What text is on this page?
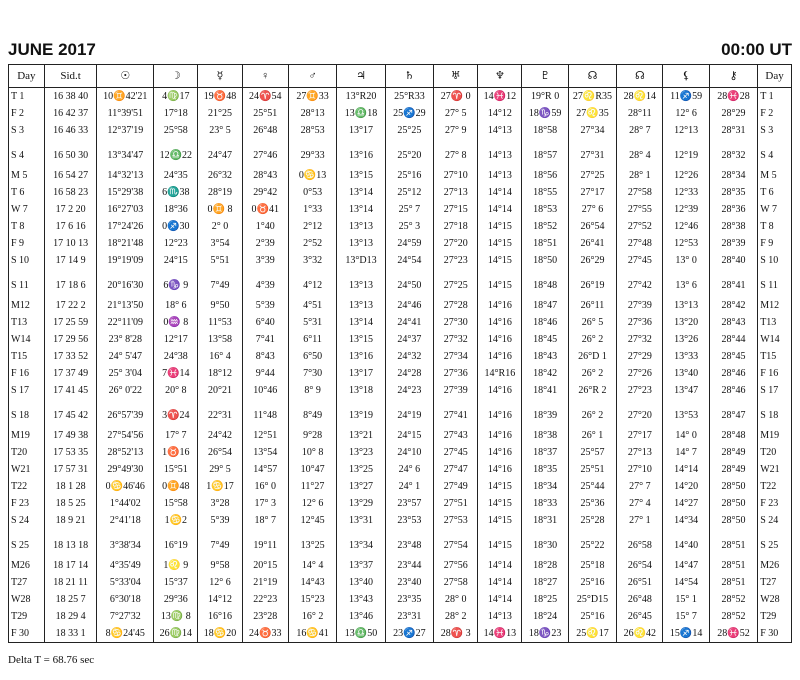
JUNE 2017	00:00 UT
Day	Sid.t	☉	☽	☿	♀	♂	♃	♄	♅	♆	♇	☊	☊	⚸	⚷	Day
T 1	16 38 40	10♊42'21	4♍17	19♉48	24♈54	27♊33	13°R20	25°R33	27♈ 0	14♓12	19°R 0	27♌R35	28♌14	11♐59	28♓28	T 1
F 2	16 42 37	11°39'51	17°18	21°25	25°51	28°13	13♎18	25♐29	27° 5	14°12	18♑59	27♌35	28°11	12° 6	28°29	F 2
S 3	16 46 33	12°37'19	25°58	23° 5	26°48	28°53	13°17	25°25	27° 9	14°13	18°58	27°34	28° 7	12°13	28°31	S 3
S 4	16 50 30	13°34'47	12♎22	24°47	27°46	29°33	13°16	25°20	27° 8	14°13	18°57	27°31	28° 4	12°19	28°32	S 4
M 5	16 54 27	14°32'13	24°35	26°32	28°43	0♋13	13°15	25°16	27°10	14°13	18°56	27°25	28° 1	12°26	28°34	M 5
T 6	16 58 23	15°29'38	6♏38	28°19	29°42	0°53	13°14	25°12	27°13	14°14	18°55	27°17	27°58	12°33	28°35	T 6
W 7	17 2 20	16°27'03	18°36	0♊ 8	0♉41	1°33	13°14	25° 7	27°15	14°14	18°53	27° 6	27°55	12°39	28°36	W 7
T 8	17 6 16	17°24'26	0♐30	2° 0	1°40	2°12	13°13	25° 3	27°18	14°15	18°52	26°54	27°52	12°46	28°38	T 8
F 9	17 10 13	18°21'48	12°23	3°54	2°39	2°52	13°13	24°59	27°20	14°15	18°51	26°41	27°48	12°53	28°39	F 9
S 10	17 14 9	19°19'09	24°15	5°51	3°39	3°32	13°D13	24°54	27°23	14°15	18°50	26°29	27°45	13° 0	28°40	S 10
S 11	17 18 6	20°16'30	6♑ 9	7°49	4°39	4°12	13°13	24°50	27°25	14°15	18°48	26°19	27°42	13° 6	28°41	S 11
M12	17 22 2	21°13'50	18° 6	9°50	5°39	4°51	13°13	24°46	27°28	14°16	18°47	26°11	27°39	13°13	28°42	M12
T13	17 25 59	22°11'09	0♒ 8	11°53	6°40	5°31	13°14	24°41	27°30	14°16	18°46	26° 5	27°36	13°20	28°43	T13
W14	17 29 56	23° 8'28	12°17	13°58	7°41	6°11	13°15	24°37	27°32	14°16	18°45	26° 2	27°32	13°26	28°44	W14
T15	17 33 52	24° 5'47	24°38	16° 4	8°43	6°50	13°16	24°32	27°34	14°16	18°43	26°D 1	27°29	13°33	28°45	T15
F 16	17 37 49	25° 3'04	7♓14	18°12	9°44	7°30	13°17	24°28	27°36	14°R16	18°42	26° 2	27°26	13°40	28°46	F 16
S 17	17 41 45	26° 0'22	20° 8	20°21	10°46	8° 9	13°18	24°23	27°39	14°16	18°41	26°R 2	27°23	13°47	28°46	S 17
S 18	17 45 42	26°57'39	3♈24	22°31	11°48	8°49	13°19	24°19	27°41	14°16	18°39	26° 2	27°20	13°53	28°47	S 18
M19	17 49 38	27°54'56	17° 7	24°42	12°51	9°28	13°21	24°15	27°43	14°16	18°38	26° 1	27°17	14° 0	28°48	M19
T20	17 53 35	28°52'13	1♉16	26°54	13°54	10° 8	13°23	24°10	27°45	14°16	18°37	25°57	27°13	14° 7	28°49	T20
W21	17 57 31	29°49'30	15°51	29° 5	14°57	10°47	13°25	24° 6	27°47	14°16	18°35	25°51	27°10	14°14	28°49	W21
T22	18 1 28	0♋46'46	0♊48	1♋17	16° 0	11°27	13°27	24° 1	27°49	14°15	18°34	25°44	27° 7	14°20	28°50	T22
F 23	18 5 25	1°44'02	15°58	3°28	17° 3	12° 6	13°29	23°57	27°51	14°15	18°33	25°36	27° 4	14°27	28°50	F 23
S 24	18 9 21	2°41'18	1♋2	5°39	18° 7	12°45	13°31	23°53	27°53	14°15	18°31	25°28	27° 1	14°34	28°50	S 24
S 25	18 13 18	3°38'34	16°19	7°49	19°11	13°25	13°34	23°48	27°54	14°15	18°30	25°22	26°58	14°40	28°51	S 25
M26	18 17 14	4°35'49	1♌ 9	9°58	20°15	14° 4	13°37	23°44	27°56	14°14	18°28	25°18	26°54	14°47	28°51	M26
T27	18 21 11	5°33'04	15°37	12° 6	21°19	14°43	13°40	23°40	27°58	14°14	18°27	25°16	26°51	14°54	28°51	T27
W28	18 25 7	6°30'18	29°36	14°12	22°23	15°23	13°43	23°35	28° 0	14°14	18°25	25°D15	26°48	15° 1	28°52	W28
T29	18 29 4	7°27'32	13♍ 8	16°16	23°28	16° 2	13°46	23°31	28° 2	14°13	18°24	25°16	26°45	15° 7	28°52	T29
F 30	18 33 1	8♋24'45	26♍14	18♋20	24♉33	16♋41	13♎50	23♐27	28♈ 3	14♓13	18♑23	25♌17	26♌42	15♐14	28♓52	F 30
Delta T = 68.76 sec
